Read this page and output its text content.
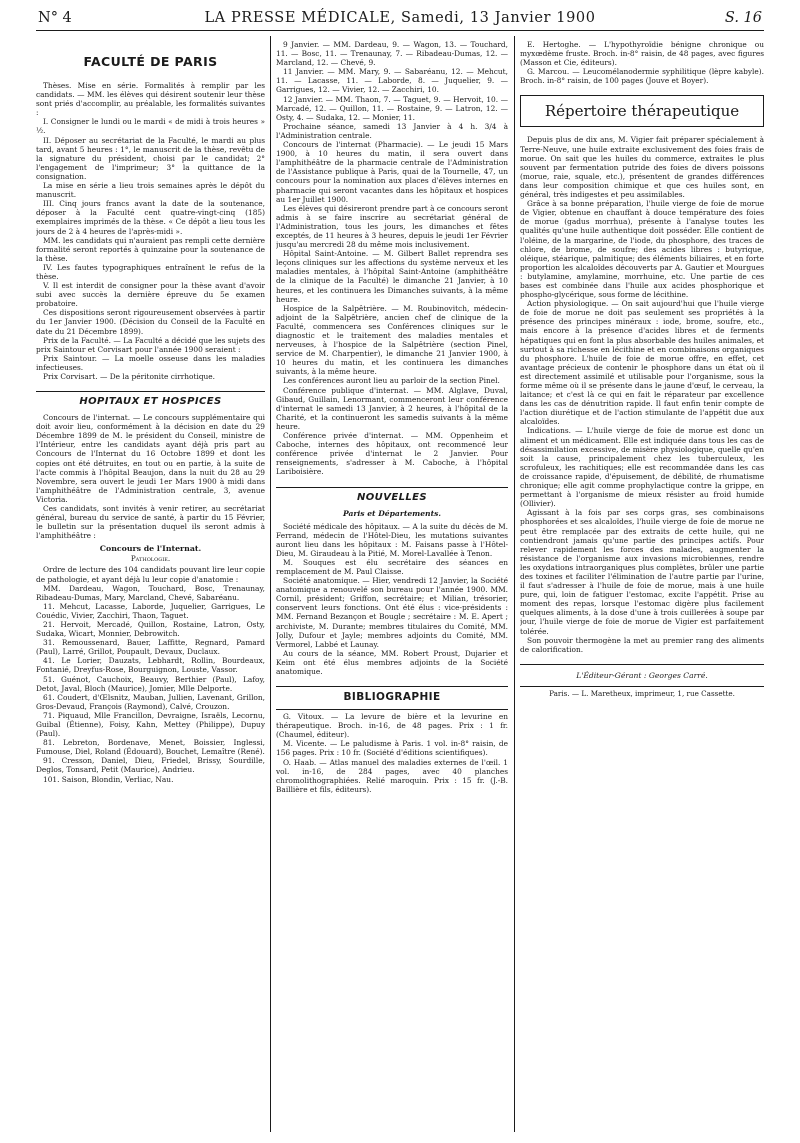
N° 4	LA PRESSE MÉDICALE, Samedi, 13 Janvier 1900	S. 16
FACULTÉ DE PARIS

Thèses. Mise en série. Formalités à remplir par les candidats. — MM. les élèves qui désirent soutenir leur thèse sont priés d'accomplir, au préalable, les formalités suivantes :

I. Consigner le lundi ou le mardi « de midi à trois heures » ½.

II. Déposer au secrétariat de la Faculté, le mardi au plus tard, avant 5 heures : 1°, le manuscrit de la thèse, revêtu de la signature du président, choisi par le candidat; 2° l'engagement de l'imprimeur; 3° la quittance de la consignation.

La mise en série a lieu trois semaines après le dépôt du manuscrit.

III. Cinq jours francs avant la date de la soutenance, déposer à la Faculté cent quatre-vingt-cinq (185) exemplaires imprimés de la thèse. « Ce dépôt a lieu tous les jours de 2 à 4 heures de l'après-midi ».

MM. les candidats qui n'auraient pas rempli cette dernière formalité seront reportés à quinzaine pour la soutenance de la thèse.

IV. Les fautes typographiques entraînent le refus de la thèse.

V. Il est interdit de consigner pour la thèse avant d'avoir subi avec succès la dernière épreuve du 5e examen probatoire.

Ces dispositions seront rigoureusement observées à partir du 1er Janvier 1900. (Décision du Conseil de la Faculté en date du 21 Décembre 1899).

Prix de la Faculté. — La Faculté a décidé que les sujets des prix Saintour et Corvisart pour l'année 1900 seraient :

Prix Saintour. — La moelle osseuse dans les maladies infectieuses.

Prix Corvisart. — De la péritonite cirrhotique.

HOPITAUX ET HOSPICES

Concours de l'internat. — Le concours supplémentaire qui doit avoir lieu, conformément à la décision en date du 29 Décembre 1899 de M. le président du Conseil, ministre de l'Intérieur, entre les candidats ayant déjà pris part au Concours de l'Internat du 16 Octobre 1899 et dont les copies ont été détruites, en tout ou en partie, à la suite de l'acte commis à l'hôpital Beaujon, dans la nuit du 28 au 29 Novembre, sera ouvert le jeudi 1er Mars 1900 à midi dans l'amphithéâtre de l'Administration centrale, 3, avenue Victoria.

Ces candidats, sont invités à venir retirer, au secrétariat général, bureau du service de santé, à partir du 15 Février, le bulletin sur la présentation duquel ils seront admis à l'amphithéâtre :

Concours de l'Internat.
Pathologie.

Ordre de lecture des 104 candidats pouvant lire leur copie de pathologie, et ayant déjà lu leur copie d'anatomie :

MM. Dardeau, Wagon, Touchard, Bosc, Trenaunay, Ribadeau-Dumas, Mary, Marcland, Chevé, Sabaréanu.

11. Mehcut, Lacasse, Laborde, Juquelier, Garrigues, Le Couédic, Vivier, Zacchiri, Thaon, Taguet.

21. Hervoit, Mercadé, Quillon, Rostaine, Latron, Osty, Sudaka, Wicart, Monnier, Debrowitch.

31. Remoussenard, Bauer, Laffitte, Regnard, Pamard (Paul), Larré, Grillot, Poupault, Devaux, Duclaux.

41. Le Lorier, Dauzats, Lebhardt, Rollin, Bourdeaux, Fontanié, Dreyfus-Rose, Bourguignon, Louste, Vassor.

51. Guénot, Cauchoix, Beauvy, Berthier (Paul), Lafoy, Detot, Javal, Bloch (Maurice), Jomier, Mlle Delporte.

61. Coudert, d'Œlsnitz, Mauban, Jullien, Lavenant, Grillon, Gros-Devaud, François (Raymond), Calvé, Crouzon.

71. Piquaud, Mlle Francillon, Devraigne, Israëls, Lecornu, Guibal (Étienne), Foisy, Kahn, Mettey (Philippe), Dupuy (Paul).

81. Lebreton, Bordenave, Menet, Boissier, Inglessi, Fumouse, Diel, Roland (Édouard), Bouchet, Lemaître (René).

91. Cresson, Daniel, Dieu, Friedel, Brissy, Sourdille, Deglos, Tonsard, Petit (Maurice), Andrieu.

101. Saison, Blondin, Verliac, Nau.

9 Janvier. — MM. Dardeau, 9. — Wagon, 13. — Touchard, 11. — Bosc, 11. — Trenaunay, 7. — Ribadeau-Dumas, 12. — Marcland, 12. — Chevé, 9.

11 Janvier. — MM. Mary, 9. — Sabaréanu, 12. — Mehcut, 11. — Lacasse, 11. — Laborde, 8. — Juquelier, 9. — Garrigues, 12. — Vivier, 12. — Zacchiri, 10.

12 Janvier. — MM. Thaon, 7. — Taguet, 9. — Hervoit, 10. — Marcadé, 12. — Quillon, 11. — Rostaine, 9. — Latron, 12. — Osty, 4. — Sudaka, 12. — Monier, 11.

Prochaine séance, samedi 13 Janvier à 4 h. 3/4 à l'Administration centrale.

Concours de l'internat (Pharmacie). — Le jeudi 15 Mars 1900, à 10 heures du matin, il sera ouvert dans l'amphithéâtre de la pharmacie centrale de l'Administration de l'Assistance publique à Paris, quai de la Tournelle, 47, un concours pour la nomination aux places d'élèves internes en pharmacie qui seront vacantes dans les hôpitaux et hospices au 1er Juillet 1900.

Les élèves qui désireront prendre part à ce concours seront admis à se faire inscrire au secrétariat général de l'Administration, tous les jours, les dimanches et fêtes exceptés, de 11 heures à 3 heures, depuis le jeudi 1er Février jusqu'au mercredi 28 du même mois inclusivement.

Hôpital Saint-Antoine. — M. Gilbert Ballet reprendra ses leçons cliniques sur les affections du système nerveux et les maladies mentales, à l'hôpital Saint-Antoine (amphithéâtre de la clinique de la Faculté) le dimanche 21 Janvier, à 10 heures, et les continuera les Dimanches suivants, à la même heure.

Hospice de la Salpêtrière. — M. Roubinovitch, médecin-adjoint de la Salpêtrière, ancien chef de clinique de la Faculté, commencera ses Conférences cliniques sur le diagnostic et le traitement des maladies mentales et nerveuses, à l'hospice de la Salpêtrière (section Pinel, service de M. Charpentier), le dimanche 21 Janvier 1900, à 10 heures du matin, et les continuera les dimanches suivants, à la même heure.

Les conférences auront lieu au parloir de la section Pinel.

Conférence publique d'internat. — MM. Alglave, Duval, Gibaud, Guillain, Lenormant, commenceront leur conférence d'internat le samedi 13 Janvier, à 2 heures, à l'hôpital de la Charité, et la continueront les samedis suivants à la même heure.

Conférence privée d'internat. — MM. Oppenheim et Caboche, internes des hôpitaux, ont recommencé leur conférence privée d'internat le 2 Janvier. Pour renseignements, s'adresser à M. Caboche, à l'hôpital Lariboisière.

NOUVELLES
Paris et Départements.

Société médicale des hôpitaux. — A la suite du décès de M. Ferrand, médecin de l'Hôtel-Dieu, les mutations suivantes auront lieu dans les hôpitaux : M. Faisans passe à l'Hôtel-Dieu, M. Giraudeau à la Pitié, M. Morel-Lavallée à Tenon.

M. Souques est élu secrétaire des séances en remplacement de M. Paul Claisse.

Société anatomique. — Hier, vendredi 12 Janvier, la Société anatomique a renouvelé son bureau pour l'année 1900. MM. Cornil, président; Griffon, secrétaire; et Milian, trésorier, conservent leurs fonctions. Ont été élus : vice-présidents : MM. Fernand Bezançon et Bougle ; secrétaire : M. E. Apert ; archiviste, M. Durante; membres titulaires du Comité, MM. Jolly, Dufour et Jayle; membres adjoints du Comité, MM. Vermorel, Labbé et Launay.

Au cours de la séance, MM. Robert Proust, Dujarier et Keim ont été élus membres adjoints de la Société anatomique.

BIBLIOGRAPHIE

G. Vitoux. — La levure de bière et la levurine en thérapeutique. Broch. in-16, de 48 pages. Prix : 1 fr. (Chaumel, éditeur).

M. Vicente. — Le paludisme à Paris. 1 vol. in-8° raisin, de 156 pages. Prix : 10 fr. (Société d'éditions scientifiques).

O. Haab. — Atlas manuel des maladies externes de l'œil. 1 vol. in-16, de 284 pages, avec 40 planches chromolithographiées. Relié maroquin. Prix : 15 fr. (J.-B. Baillière et fils, éditeurs).

E. Hertoghe. — L'hypothyroïdie bénigne chronique ou myxœdème fruste. Broch. in-8° raisin, de 48 pages, avec figures (Masson et Cie, éditeurs).

G. Marcou. — Leucomélanodermie syphilitique (lèpre kabyle). Broch. in-8° raisin, de 100 pages (Jouve et Boyer).

Répertoire thérapeutique

Depuis plus de dix ans, M. Vigier fait préparer spécialement à Terre-Neuve, une huile extraite exclusivement des foies frais de morue. On sait que les huiles du commerce, extraites le plus souvent par fermentation putride des foies de divers poissons (morue, raie, squale, etc.), présentent de grandes différences dans leur composition chimique et que ces huiles sont, en général, très indigestes et peu assimilables.

Grâce à sa bonne préparation, l'huile vierge de foie de morue de Vigier, obtenue en chauffant à douce température des foies de morue (gadus morrhua), présente à l'analyse toutes les qualités qu'une huile authentique doit posséder. Elle contient de l'oléine, de la margarine, de l'iode, du phosphore, des traces de chlore, de brome, de soufre; des acides libres : butyrique, oléique, stéarique, palmitique; des éléments biliaires, et en forte proportion les alcaloïdes découverts par A. Gautier et Mourgues : butylamine, amylamine, morrhuine, etc. Une partie de ces bases est combinée dans l'huile aux acides phosphorique et phospho-glycérique, sous forme de lécithine.

Action physiologique. — On sait aujourd'hui que l'huile vierge de foie de morue ne doit pas seulement ses propriétés à la présence des principes minéraux : iode, brome, soufre, etc., mais encore à la présence d'acides libres et de ferments hépatiques qui en font la plus absorbable des huiles animales, et surtout à sa richesse en lécithine et en combinaisons organiques du phosphore. L'huile de foie de morue offre, en effet, cet avantage précieux de contenir le phosphore dans un état où il est directement assimilé et utilisable pour l'organisme, sous la forme même où il se présente dans le jaune d'œuf, le cerveau, la laitance; et c'est là ce qui en fait le réparateur par excellence dans les cas de dénutrition rapide. Il faut enfin tenir compte de l'action diurétique et de l'action stimulante de l'appétit due aux alcaloïdes.

Indications. — L'huile vierge de foie de morue est donc un aliment et un médicament. Elle est indiquée dans tous les cas de désassimilation excessive, de misère physiologique, quelle qu'en soit la cause, principalement chez les tuberculeux, les scrofuleux, les rachitiques; elle est recommandée dans les cas de croissance rapide, d'épuisement, de débilité, de rhumatisme chronique; elle agit comme prophylactique contre la grippe, en permettant à l'organisme de mieux résister au froid humide (Ollivier).

Agissant à la fois par ses corps gras, ses combinaisons phosphorées et ses alcaloïdes, l'huile vierge de foie de morue ne peut être remplacée par des extraits de cette huile, qui ne contiendront jamais qu'une partie des principes actifs. Pour relever rapidement les forces des malades, augmenter la résistance de l'organisme aux invasions microbiennes, rendre les oxydations intraorganiques plus complètes, brûler une partie des toxines et faciliter l'élimination de l'autre partie par l'urine, il faut s'adresser à l'huile de foie de morue, mais à une huile pure, qui, loin de fatiguer l'estomac, excite l'appétit. Prise au moment des repas, lorsque l'estomac digère plus facilement quelques aliments, à la dose d'une à trois cuillerées à soupe par jour, l'huile vierge de foie de morue de Vigier est parfaitement tolérée.

Son pouvoir thermogène la met au premier rang des aliments de calorification.

L'Éditeur-Gérant : Georges Carré.
Paris. — L. Maretheux, imprimeur, 1, rue Cassette.
